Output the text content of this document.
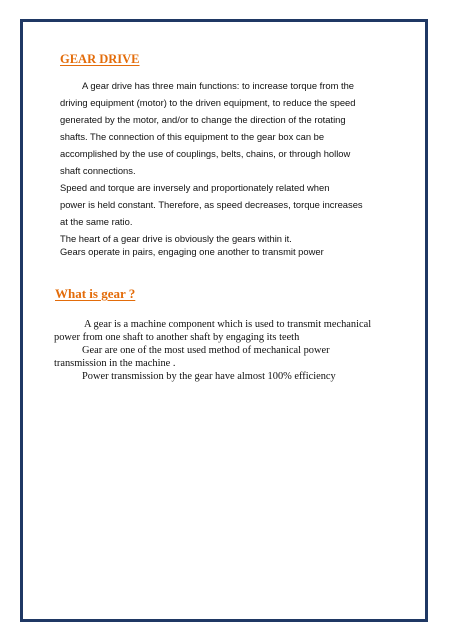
GEAR DRIVE

A gear drive has three main functions: to increase torque from the

driving equipment (motor) to the driven equipment, to reduce the speed

generated by the motor, and/or to change the direction of the rotating

shafts. The connection of this equipment to the gear box can be

accomplished by the use of couplings, belts, chains, or through hollow

shaft connections.

Speed and torque are inversely and proportionately related when

power is held constant. Therefore, as speed decreases, torque increases

at the same ratio.

The heart of a gear drive is obviously the gears within it.

Gears operate in pairs, engaging one another to transmit power

What is gear ?

A gear is a machine component which is used to transmit mechanical

power from one shaft to another shaft by engaging its teeth

Gear are one of the most used method of mechanical power

transmission in the machine .

Power transmission by the gear have almost 100% efficiency
